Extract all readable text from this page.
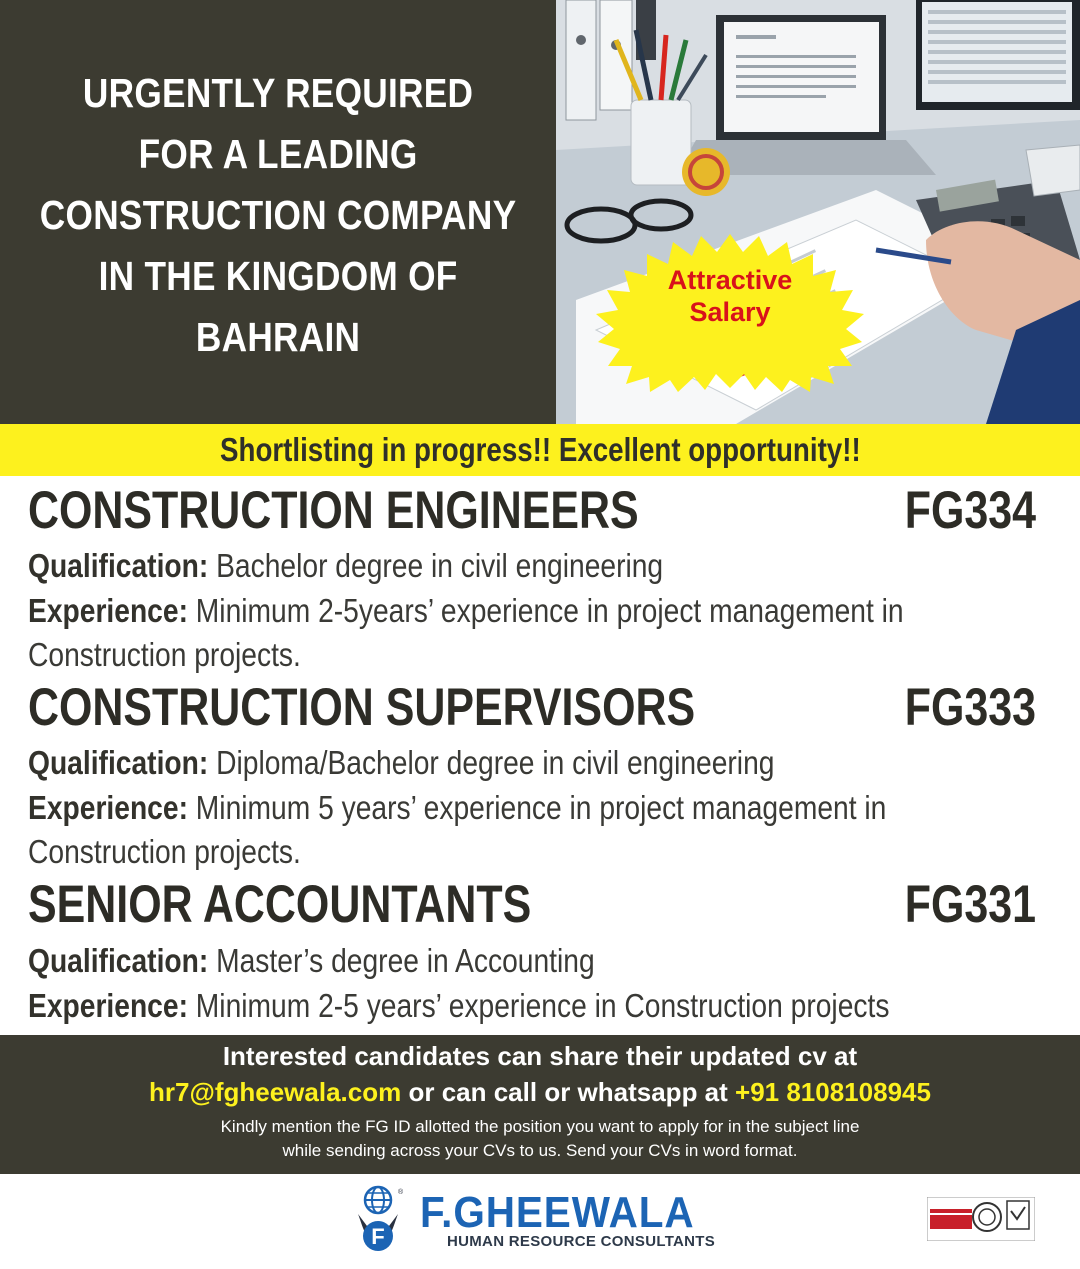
URGENTLY REQUIRED
FOR A LEADING
CONSTRUCTION COMPANY
IN THE KINGDOM OF
BAHRAIN
Attractive
Salary
Shortlisting in progress!! Excellent opportunity!!
CONSTRUCTION ENGINEERS	FG334
Qualification: Bachelor degree in civil engineering
Experience: Minimum 2-5years’ experience in project management in
Construction projects.
CONSTRUCTION SUPERVISORS	FG333
Qualification: Diploma/Bachelor degree in civil engineering
Experience: Minimum 5 years’ experience in project management in
Construction projects.
SENIOR ACCOUNTANTS	FG331
Qualification: Master’s degree in Accounting
Experience: Minimum 2-5 years’ experience in Construction projects
Interested candidates can share their updated cv at
hr7@fgheewala.com or can call or whatsapp at +91 8108108945
Kindly mention the FG ID allotted the position you want to apply for in the subject line
while sending across your CVs to us. Send your CVs in word format.
F
® F.GHEEWALA
HUMAN RESOURCE CONSULTANTS
